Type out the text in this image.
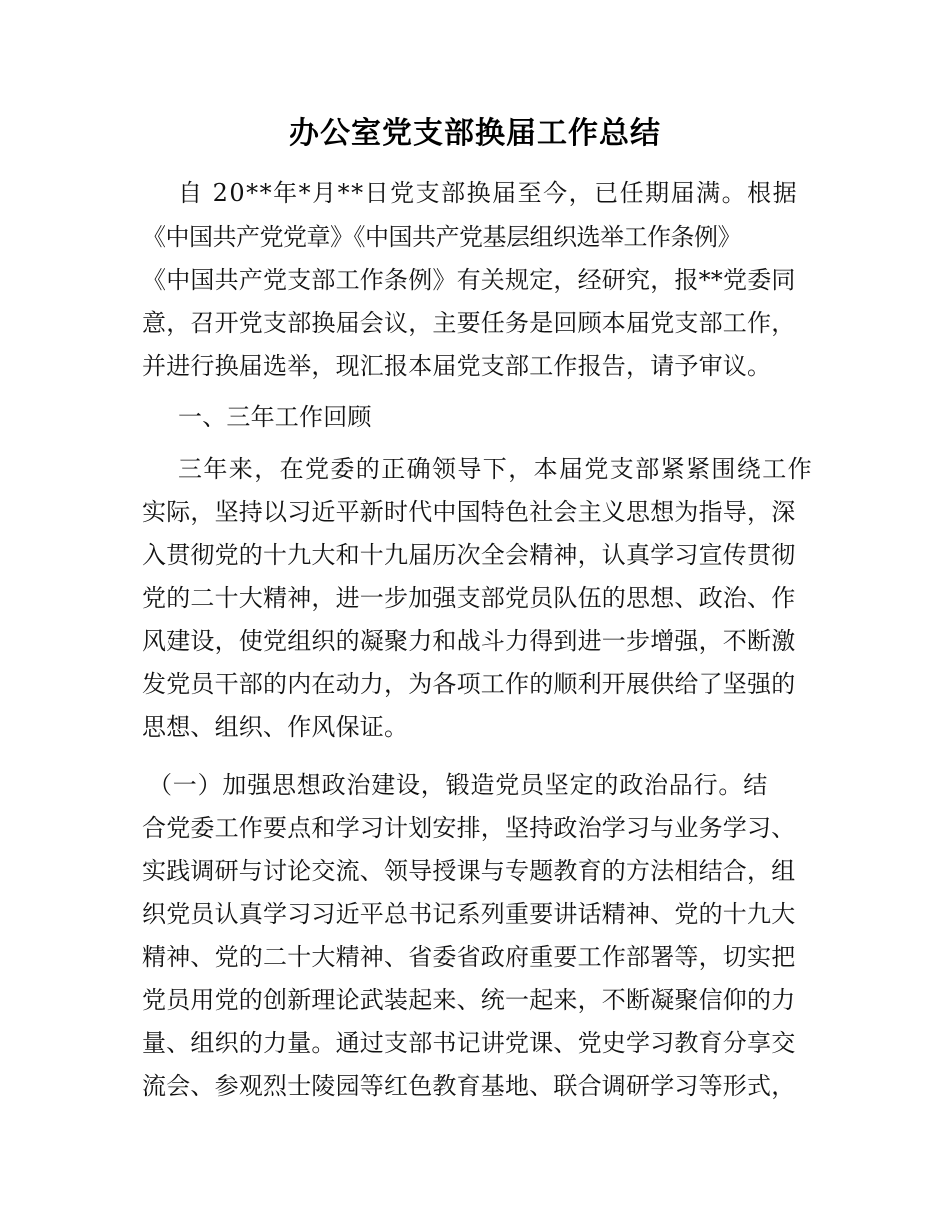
办公室党支部换届工作总结
自 20**年*月**日党支部换届至今，已任期届满。根据
《中国共产党党章》《中国共产党基层组织选举工作条例》
《中国共产党支部工作条例》有关规定，经研究，报**党委同
意，召开党支部换届会议，主要任务是回顾本届党支部工作，
并进行换届选举，现汇报本届党支部工作报告，请予审议。
一、三年工作回顾
三年来，在党委的正确领导下，本届党支部紧紧围绕工作
实际，坚持以习近平新时代中国特色社会主义思想为指导，深
入贯彻党的十九大和十九届历次全会精神，认真学习宣传贯彻
党的二十大精神，进一步加强支部党员队伍的思想、政治、作
风建设，使党组织的凝聚力和战斗力得到进一步增强，不断激
发党员干部的内在动力，为各项工作的顺利开展供给了坚强的
思想、组织、作风保证。
（一）加强思想政治建设，锻造党员坚定的政治品行。结
合党委工作要点和学习计划安排，坚持政治学习与业务学习、
实践调研与讨论交流、领导授课与专题教育的方法相结合，组
织党员认真学习习近平总书记系列重要讲话精神、党的十九大
精神、党的二十大精神、省委省政府重要工作部署等，切实把
党员用党的创新理论武装起来、统一起来，不断凝聚信仰的力
量、组织的力量。通过支部书记讲党课、党史学习教育分享交
流会、参观烈士陵园等红色教育基地、联合调研学习等形式，
